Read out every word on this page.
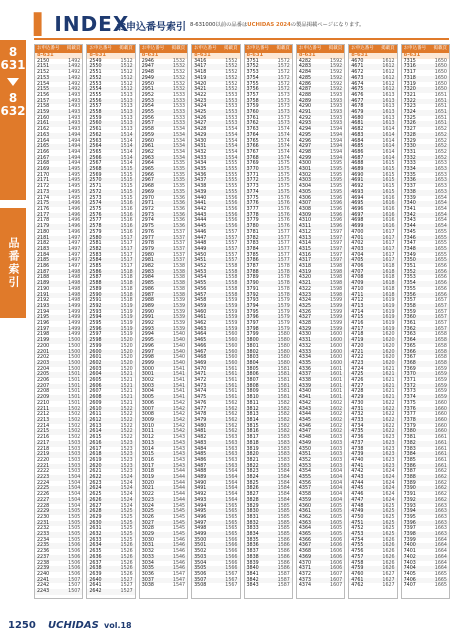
8
631
8
632
品番索引
▌ INDEX
お申込番号索引 8-631000以前の品番はUCHIDAS 2024の製品掲載ページになります。
お申込番号 掲載頁
8-631
2150	1492
2151	1492
2152	1492
2153	1492
2154	1492
2155	1492
2156	1493
2157	1493
2158	1493
2159	1493
2160	1493
2161	1493
2162	1493
2163	1494
2164	1494
2165	1494
2166	1494
2167	1494
2168	1494
2169	1495
2170	1495
2171	1495
2172	1495
2173	1495
2174	1495
2175	1496
2176	1496
2177	1496
2178	1496
2179	1496
2180	1496
2181	1497
2182	1497
2183	1497
2184	1497
2185	1497
2186	1497
2187	1498
2188	1498
2189	1498
2190	1498
2191	1498
2192	1498
2193	1499
2194	1499
2195	1499
2196	1499
2197	1499
2198	1499
2199	1500
2200	1500
2201	1500
2202	1500
2203	1500
2204	1500
2205	1501
2206	1501
2207	1501
2208	1501
2209	1501
2210	1501
2211	1502
2212	1502
2213	1502
2214	1502
2215	1502
2216	1502
2217	1503
2218	1503
2219	1503
2220	1503
2221	1503
2222	1503
2223	1504
2224	1504
2225	1504
2226	1504
2227	1504
2228	1504
2229	1505
2230	1505
2231	1505
2232	1505
2233	1505
2234	1505
2235	1506
2236	1506
2237	1506
2238	1506
2239	1506
2240	1506
2241	1507
2242	1507
2243	1507
お申込番号 掲載頁
8-631
2549	1512
2550	1512
2551	1512
2552	1512
2553	1512
2554	1512
2555	1513
2556	1513
2557	1513
2558	1513
2559	1513
2560	1513
2561	1513
2562	1514
2563	1514
2564	1514
2565	1514
2566	1514
2567	1514
2568	1515
2569	1515
2570	1515
2571	1515
2572	1515
2573	1515
2574	1516
2575	1516
2576	1516
2577	1516
2578	1516
2579	1516
2580	1517
2581	1517
2582	1517
2583	1517
2584	1517
2585	1517
2586	1518
2587	1518
2588	1518
2589	1518
2590	1518
2591	1518
2592	1519
2593	1519
2594	1519
2595	1519
2596	1519
2597	1519
2598	1520
2599	1520
2600	1520
2601	1520
2602	1520
2603	1520
2604	1521
2605	1521
2606	1521
2607	1521
2608	1521
2609	1521
2610	1522
2611	1522
2612	1522
2613	1522
2614	1522
2615	1522
2616	1523
2617	1523
2618	1523
2619	1523
2620	1523
2621	1523
2622	1524
2623	1524
2624	1524
2625	1524
2626	1524
2627	1524
2628	1525
2629	1525
2630	1525
2631	1525
2632	1525
2633	1525
2634	1526
2635	1526
2636	1526
2637	1526
2638	1526
2639	1526
2640	1527
2641	1527
2642	1527
お申込番号 掲載頁
8-631
2946	1532
2947	1532
2948	1532
2949	1532
2950	1532
2951	1532
2952	1533
2953	1533
2954	1533
2955	1533
2956	1533
2957	1533
2958	1534
2959	1534
2960	1534
2961	1534
2962	1534
2963	1534
2964	1535
2965	1535
2966	1535
2967	1535
2968	1535
2969	1535
2970	1536
2971	1536
2972	1536
2973	1536
2974	1536
2975	1536
2976	1537
2977	1537
2978	1537
2979	1537
2980	1537
2981	1537
2982	1538
2983	1538
2984	1538
2985	1538
2986	1538
2987	1538
2988	1539
2989	1539
2990	1539
2991	1539
2992	1539
2993	1539
2994	1540
2995	1540
2996	1540
2997	1540
2998	1540
2999	1540
3000	1541
3001	1541
3002	1541
3003	1541
3004	1541
3005	1541
3006	1542
3007	1542
3008	1542
3009	1542
3010	1542
3011	1542
3012	1543
3013	1543
3014	1543
3015	1543
3016	1543
3017	1543
3018	1544
3019	1544
3020	1544
3021	1544
3022	1544
3023	1544
3024	1545
3025	1545
3026	1545
3027	1545
3028	1545
3029	1545
3030	1546
3031	1546
3032	1546
3033	1546
3034	1546
3035	1546
3036	1547
3037	1547
3038	1547
お申込番号 掲載頁
8-631
3416	1552
3417	1552
3418	1552
3419	1552
3420	1552
3421	1552
3422	1553
3423	1553
3424	1553
3425	1553
3426	1553
3427	1553
3428	1554
3429	1554
3430	1554
3431	1554
3432	1554
3433	1554
3434	1555
3435	1555
3436	1555
3437	1555
3438	1555
3439	1555
3440	1556
3441	1556
3442	1556
3443	1556
3444	1556
3445	1556
3446	1557
3447	1557
3448	1557
3449	1557
3450	1557
3451	1557
3452	1558
3453	1558
3454	1558
3455	1558
3456	1558
3457	1558
3458	1559
3459	1559
3460	1559
3461	1559
3462	1559
3463	1559
3464	1560
3465	1560
3466	1560
3467	1560
3468	1560
3469	1560
3470	1561
3471	1561
3472	1561
3473	1561
3474	1561
3475	1561
3476	1562
3477	1562
3478	1562
3479	1562
3480	1562
3481	1562
3482	1563
3483	1563
3484	1563
3485	1563
3486	1563
3487	1563
3488	1564
3489	1564
3490	1564
3491	1564
3492	1564
3493	1564
3494	1565
3495	1565
3496	1565
3497	1565
3498	1565
3499	1565
3500	1566
3501	1566
3502	1566
3503	1566
3504	1566
3505	1566
3506	1567
3507	1567
3508	1567
お申込番号 掲載頁
8-631
3751	1572
3752	1572
3753	1572
3754	1572
3755	1572
3756	1572
3757	1573
3758	1573
3759	1573
3760	1573
3761	1573
3762	1573
3763	1574
3764	1574
3765	1574
3766	1574
3767	1574
3768	1574
3769	1575
3770	1575
3771	1575
3772	1575
3773	1575
3774	1575
3775	1576
3776	1576
3777	1576
3778	1576
3779	1576
3780	1576
3781	1577
3782	1577
3783	1577
3784	1577
3785	1577
3786	1577
3787	1578
3788	1578
3789	1578
3790	1578
3791	1578
3792	1578
3793	1579
3794	1579
3795	1579
3796	1579
3797	1579
3798	1579
3799	1580
3800	1580
3801	1580
3802	1580
3803	1580
3804	1580
3805	1581
3806	1581
3807	1581
3808	1581
3809	1581
3810	1581
3811	1582
3812	1582
3813	1582
3814	1582
3815	1582
3816	1582
3817	1583
3818	1583
3819	1583
3820	1583
3821	1583
3822	1583
3823	1584
3824	1584
3825	1584
3826	1584
3827	1584
3828	1584
3829	1585
3830	1585
3831	1585
3832	1585
3833	1585
3834	1585
3835	1586
3836	1586
3837	1586
3838	1586
3839	1586
3840	1586
3841	1587
3842	1587
3843	1587
お申込番号 掲載頁
8-631
4282	1592
4283	1592
4284	1592
4285	1592
4286	1592
4287	1592
4288	1593
4289	1593
4290	1593
4291	1593
4292	1593
4293	1593
4294	1594
4295	1594
4296	1594
4297	1594
4298	1594
4299	1594
4300	1595
4301	1595
4302	1595
4303	1595
4304	1595
4305	1595
4306	1596
4307	1596
4308	1596
4309	1596
4310	1596
4311	1596
4312	1597
4313	1597
4314	1597
4315	1597
4316	1597
4317	1597
4318	1598
4319	1598
4320	1598
4321	1598
4322	1598
4323	1598
4324	1599
4325	1599
4326	1599
4327	1599
4328	1599
4329	1599
4330	1600
4331	1600
4332	1600
4333	1600
4334	1600
4335	1600
4336	1601
4337	1601
4338	1601
4339	1601
4340	1601
4341	1601
4342	1602
4343	1602
4344	1602
4345	1602
4346	1602
4347	1602
4348	1603
4349	1603
4350	1603
4351	1603
4352	1603
4353	1603
4354	1604
4355	1604
4356	1604
4357	1604
4358	1604
4359	1604
4360	1605
4361	1605
4362	1605
4363	1605
4364	1605
4365	1605
4366	1606
4367	1606
4368	1606
4369	1606
4370	1606
4371	1606
4372	1607
4373	1607
4374	1607
お申込番号 掲載頁
8-631
4670	1612
4671	1612
4672	1612
4673	1612
4674	1612
4675	1612
4676	1613
4677	1613
4678	1613
4679	1613
4680	1613
4681	1613
4682	1614
4683	1614
4684	1614
4685	1614
4686	1614
4687	1614
4688	1615
4689	1615
4690	1615
4691	1615
4692	1615
4693	1615
4694	1616
4695	1616
4696	1616
4697	1616
4698	1616
4699	1616
4700	1617
4701	1617
4702	1617
4703	1617
4704	1617
4705	1617
4706	1618
4707	1618
4708	1618
4709	1618
4710	1618
4711	1618
4712	1619
4713	1619
4714	1619
4715	1619
4716	1619
4717	1619
4718	1620
4719	1620
4720	1620
4721	1620
4722	1620
4723	1620
4724	1621
4725	1621
4726	1621
4727	1621
4728	1621
4729	1621
4730	1622
4731	1622
4732	1622
4733	1622
4734	1622
4735	1622
4736	1623
4737	1623
4738	1623
4739	1623
4740	1623
4741	1623
4742	1624
4743	1624
4744	1624
4745	1624
4746	1624
4747	1624
4748	1625
4749	1625
4750	1625
4751	1625
4752	1625
4753	1625
4754	1626
4755	1626
4756	1626
4757	1626
4758	1626
4759	1626
4760	1627
4761	1627
4762	1627
お申込番号 掲載頁
8-631
7315	1650
7316	1650
7317	1650
7318	1650
7319	1650
7320	1650
7321	1651
7322	1651
7323	1651
7324	1651
7325	1651
7326	1651
7327	1652
7328	1652
7329	1652
7330	1652
7331	1652
7332	1652
7333	1653
7334	1653
7335	1653
7336	1653
7337	1653
7338	1653
7339	1654
7340	1654
7341	1654
7342	1654
7343	1654
7344	1654
7345	1655
7346	1655
7347	1655
7348	1655
7349	1655
7350	1655
7351	1656
7352	1656
7353	1656
7354	1656
7355	1656
7356	1656
7357	1657
7358	1657
7359	1657
7360	1657
7361	1657
7362	1657
7363	1658
7364	1658
7365	1658
7366	1658
7367	1658
7368	1658
7369	1659
7370	1659
7371	1659
7372	1659
7373	1659
7374	1659
7375	1660
7376	1660
7377	1660
7378	1660
7379	1660
7380	1660
7381	1661
7382	1661
7383	1661
7384	1661
7385	1661
7386	1661
7387	1662
7388	1662
7389	1662
7390	1662
7391	1662
7392	1662
7393	1663
7394	1663
7395	1663
7396	1663
7397	1663
7398	1663
7399	1664
7400	1664
7401	1664
7402	1664
7403	1664
7404	1664
7405	1665
7406	1665
7407	1665
1250 UCHIDAS vol.18
